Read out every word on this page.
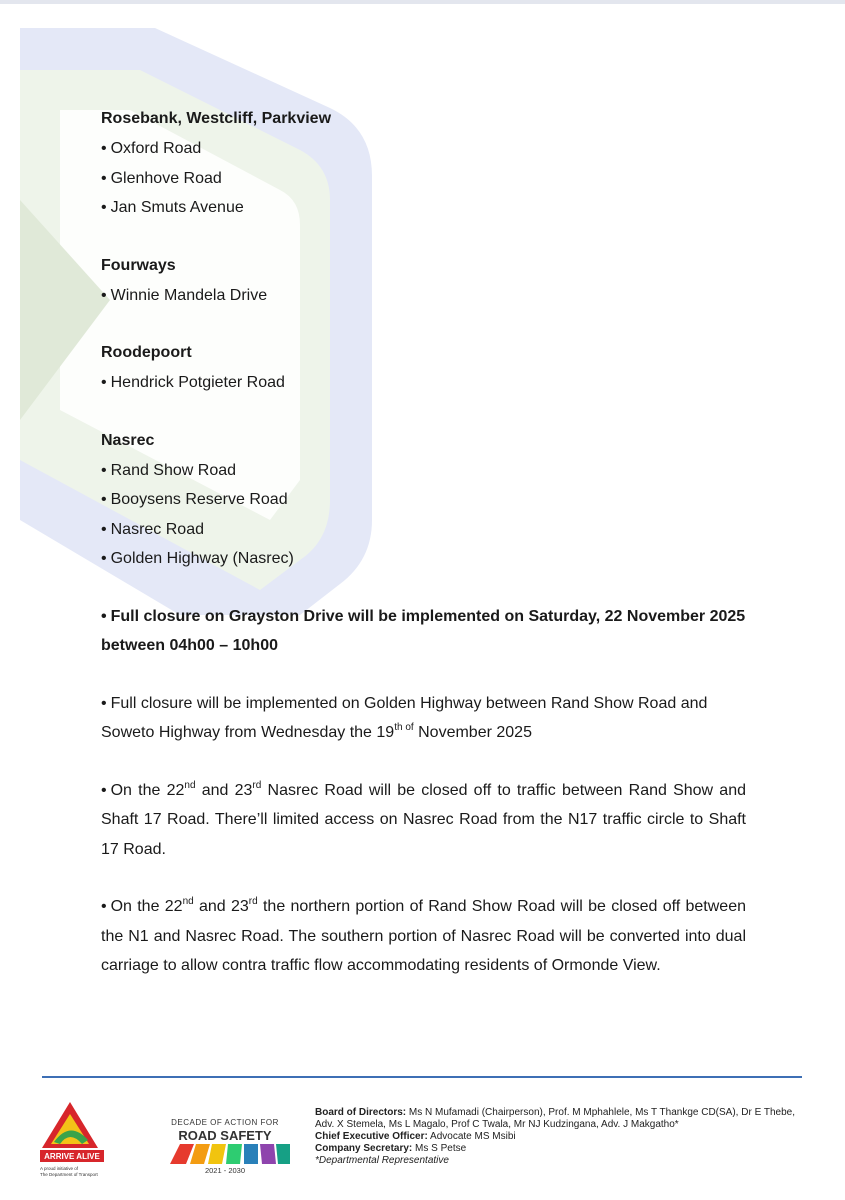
Rosebank, Westcliff, Parkview
• Oxford Road
• Glenhove Road
• Jan Smuts Avenue
Fourways
• Winnie Mandela Drive
Roodepoort
• Hendrick Potgieter Road
Nasrec
• Rand Show Road
• Booysens Reserve Road
• Nasrec Road
• Golden Highway (Nasrec)
• Full closure on Grayston Drive will be implemented on Saturday, 22 November 2025 between 04h00 – 10h00
• Full closure will be implemented on Golden Highway between Rand Show Road and Soweto Highway from Wednesday the $19^{th of}$ November 2025
• On the 22nd and 23rd Nasrec Road will be closed off to traffic between Rand Show and Shaft 17 Road. There’ll limited access on Nasrec Road from the N17 traffic circle to Shaft 17 Road.
• On the 22nd and 23rd the northern portion of Rand Show Road will be closed off between the N1 and Nasrec Road. The southern portion of Nasrec Road will be converted into dual carriage to allow contra traffic flow accommodating residents of Ormonde View.
ARRIVE ALIVE
A proud initiative of
The Department of Transport
DECADE OF ACTION FOR
ROAD SAFETY
2021 - 2030
Board of Directors: Ms N Mufamadi (Chairperson), Prof. M Mphahlele, Ms T Thankge CD(SA), Dr E Thebe, Adv. X Stemela, Ms L Magalo, Prof C Twala, Mr NJ Kudzingana, Adv. J Makgatho*
Chief Executive Officer: Advocate MS Msibi
Company Secretary: Ms S Petse
*Departmental Representative
